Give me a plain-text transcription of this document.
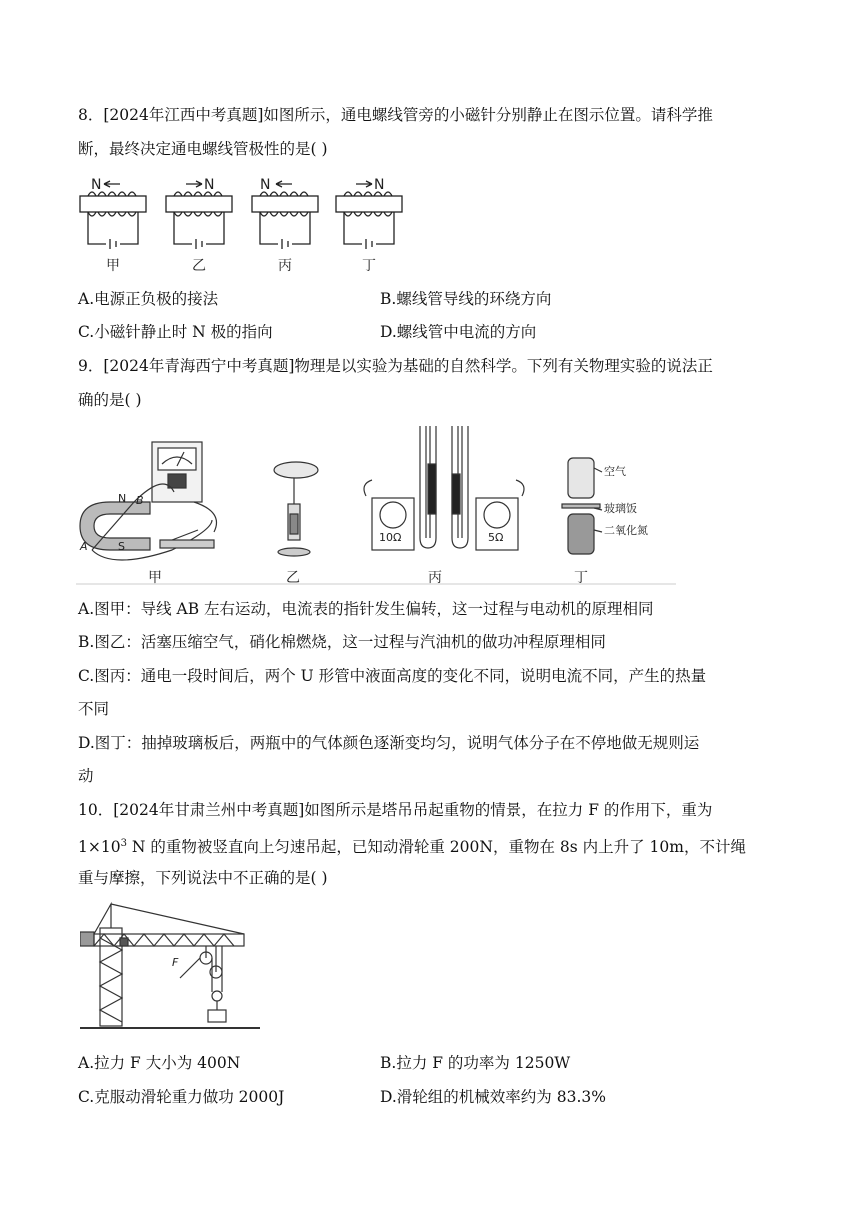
8．[2024年江西中考真题]如图所示，通电螺线管旁的小磁针分别静止在图示位置。请科学推
断，最终决定通电螺线管极性的是( )
N	N	N	N
甲	乙	丙	丁
A.电源正负极的接法	B.螺线管导线的环绕方向
C.小磁针静止时 N 极的指向	D.螺线管中电流的方向
9．[2024年青海西宁中考真题]物理是以实验为基础的自然科学。下列有关物理实验的说法正
确的是( )
N B
A	S
10Ω	5Ω
空气
玻璃饭
二氧化氮
甲	乙	丙	丁
A.图甲：导线 AB 左右运动，电流表的指针发生偏转，这一过程与电动机的原理相同
B.图乙：活塞压缩空气，硝化棉燃烧，这一过程与汽油机的做功冲程原理相同
C.图丙：通电一段时间后，两个 U 形管中液面高度的变化不同，说明电流不同，产生的热量
不同
D.图丁：抽掉玻璃板后，两瓶中的气体颜色逐渐变均匀，说明气体分子在不停地做无规则运
动
10．[2024年甘肃兰州中考真题]如图所示是塔吊吊起重物的情景，在拉力 F 的作用下，重为
$1\times 10^3$ N 的重物被竖直向上匀速吊起，已知动滑轮重 200N，重物在 8s 内上升了 10m，不计绳
重与摩擦，下列说法中不正确的是( )
F
A.拉力 F 大小为 400N	B.拉力 F 的功率为 1250W
C.克服动滑轮重力做功 2000J	D.滑轮组的机械效率约为 83.3%
